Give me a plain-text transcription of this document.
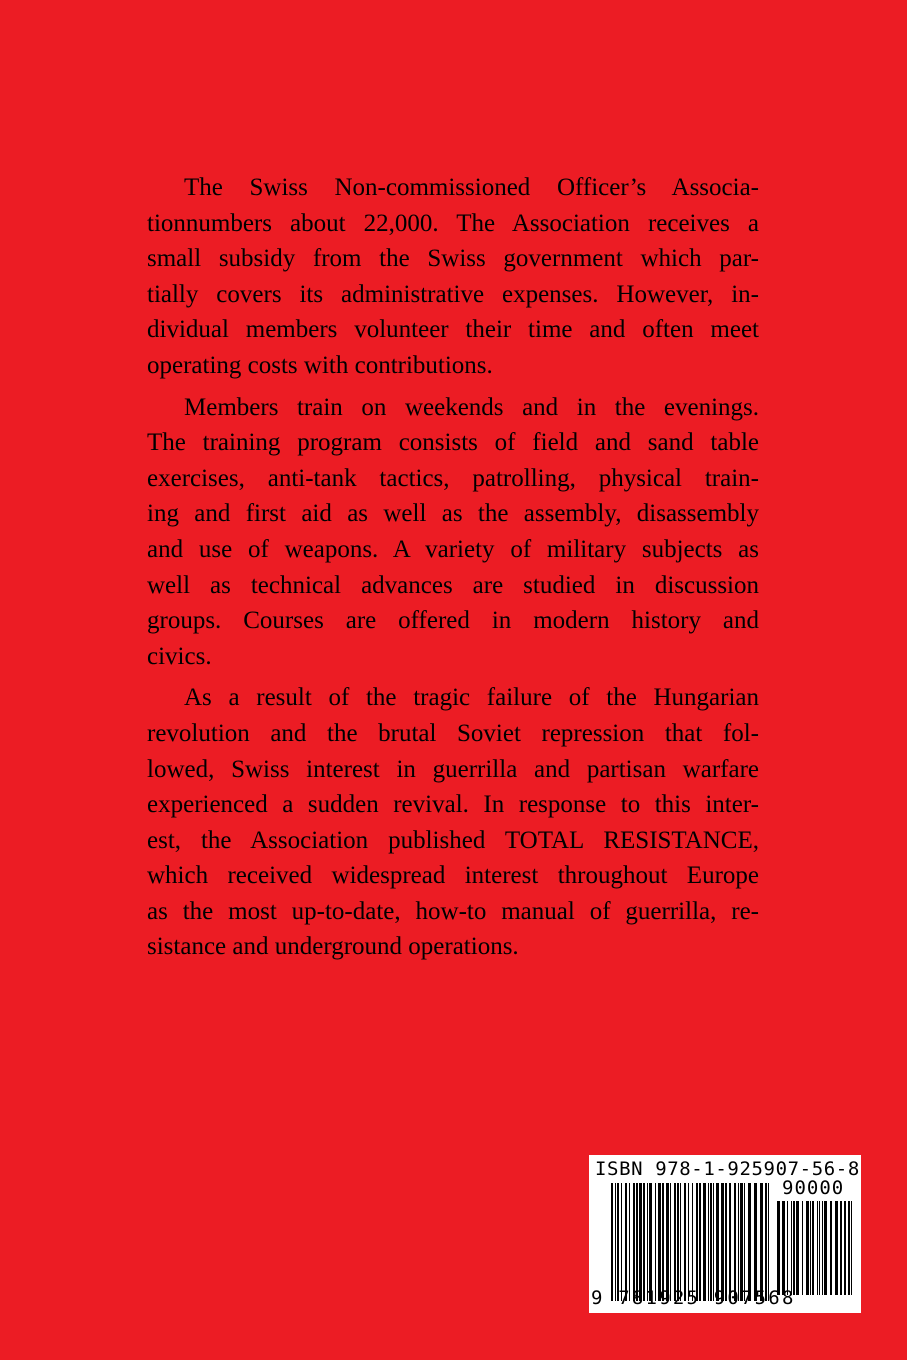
The Swiss Non-commissioned Officer’s Associa-
tionnumbers about 22,000. The Association receives a
small subsidy from the Swiss government which par-
tially covers its administrative expenses. However, in-
dividual members volunteer their time and often meet
operating costs with contributions.

Members train on weekends and in the evenings.
The training program consists of field and sand table
exercises, anti-tank tactics, patrolling, physical train-
ing and first aid as well as the assembly, disassembly
and use of weapons. A variety of military subjects as
well as technical advances are studied in discussion
groups. Courses are offered in modern history and
civics.

As a result of the tragic failure of the Hungarian
revolution and the brutal Soviet repression that fol-
lowed, Swiss interest in guerrilla and partisan warfare
experienced a sudden revival. In response to this inter-
est, the Association published TOTAL RESISTANCE,
which received widespread interest throughout Europe
as the most up-to-date, how-to manual of guerrilla, re-
sistance and underground operations.

ISBN 978-1-925907-56-8
90000
9 781925 907568
